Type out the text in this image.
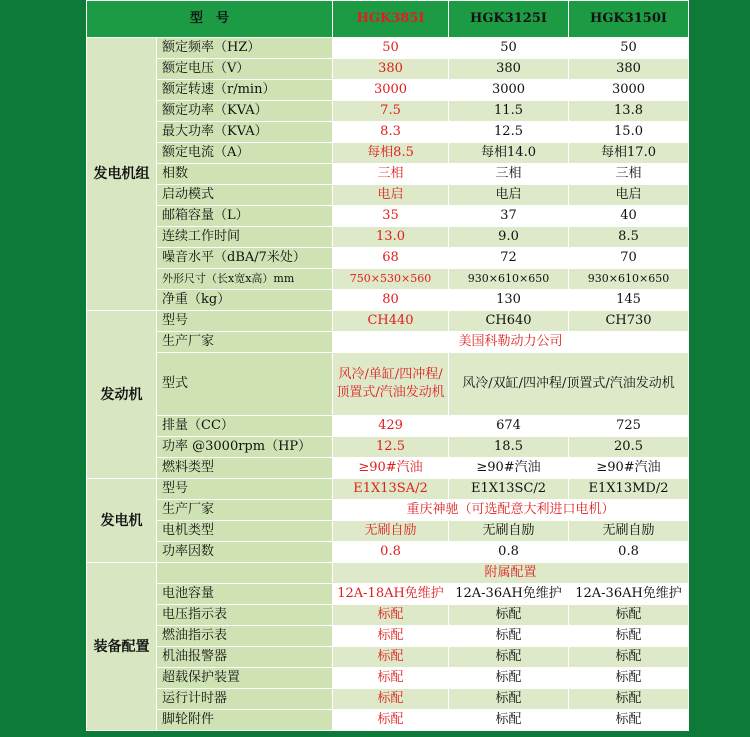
型　号		HGK385I	HGK3125I	HGK3150I
发电机组	额定频率（HZ）	50	50	50
	额定电压（V）	380	380	380
	额定转速（r/min）	3000	3000	3000
	额定功率（KVA）	7.5	11.5	13.8
	最大功率（KVA）	8.3	12.5	15.0
	额定电流（A）	每相8.5	每相14.0	每相17.0
	相数	三相	三相	三相
	启动模式	电启	电启	电启
	邮箱容量（L）	35	37	40
	连续工作时间	13.0	9.0	8.5
	噪音水平（dBA/7米处）	68	72	70
	外形尺寸（长x宽x高）mm	750×530×560	930×610×650	930×610×650
	净重（kg）	80	130	145
发动机	型号	CH440	CH640	CH730
	生产厂家	美国科勒动力公司		
	型式	风冷/单缸/四冲程/顶置式/汽油发动机	风冷/双缸/四冲程/顶置式/汽油发动机	
	排量（CC）	429	674	725
	功率 @3000rpm（HP）	12.5	18.5	20.5
	燃料类型	≥90#汽油	≥90#汽油	≥90#汽油
发电机	型号	E1X13SA/2	E1X13SC/2	E1X13MD/2
	生产厂家	重庆神驰（可选配意大利进口电机）		
	电机类型	无刷自励	无刷自励	无刷自励
	功率因数	0.8	0.8	0.8
装备配置		附属配置		
	电池容量	12A-18AH免维护	12A-36AH免维护	12A-36AH免维护
	电压指示表	标配	标配	标配
	燃油指示表	标配	标配	标配
	机油报警器	标配	标配	标配
	超载保护装置	标配	标配	标配
	运行计时器	标配	标配	标配
	脚轮附件	标配	标配	标配
